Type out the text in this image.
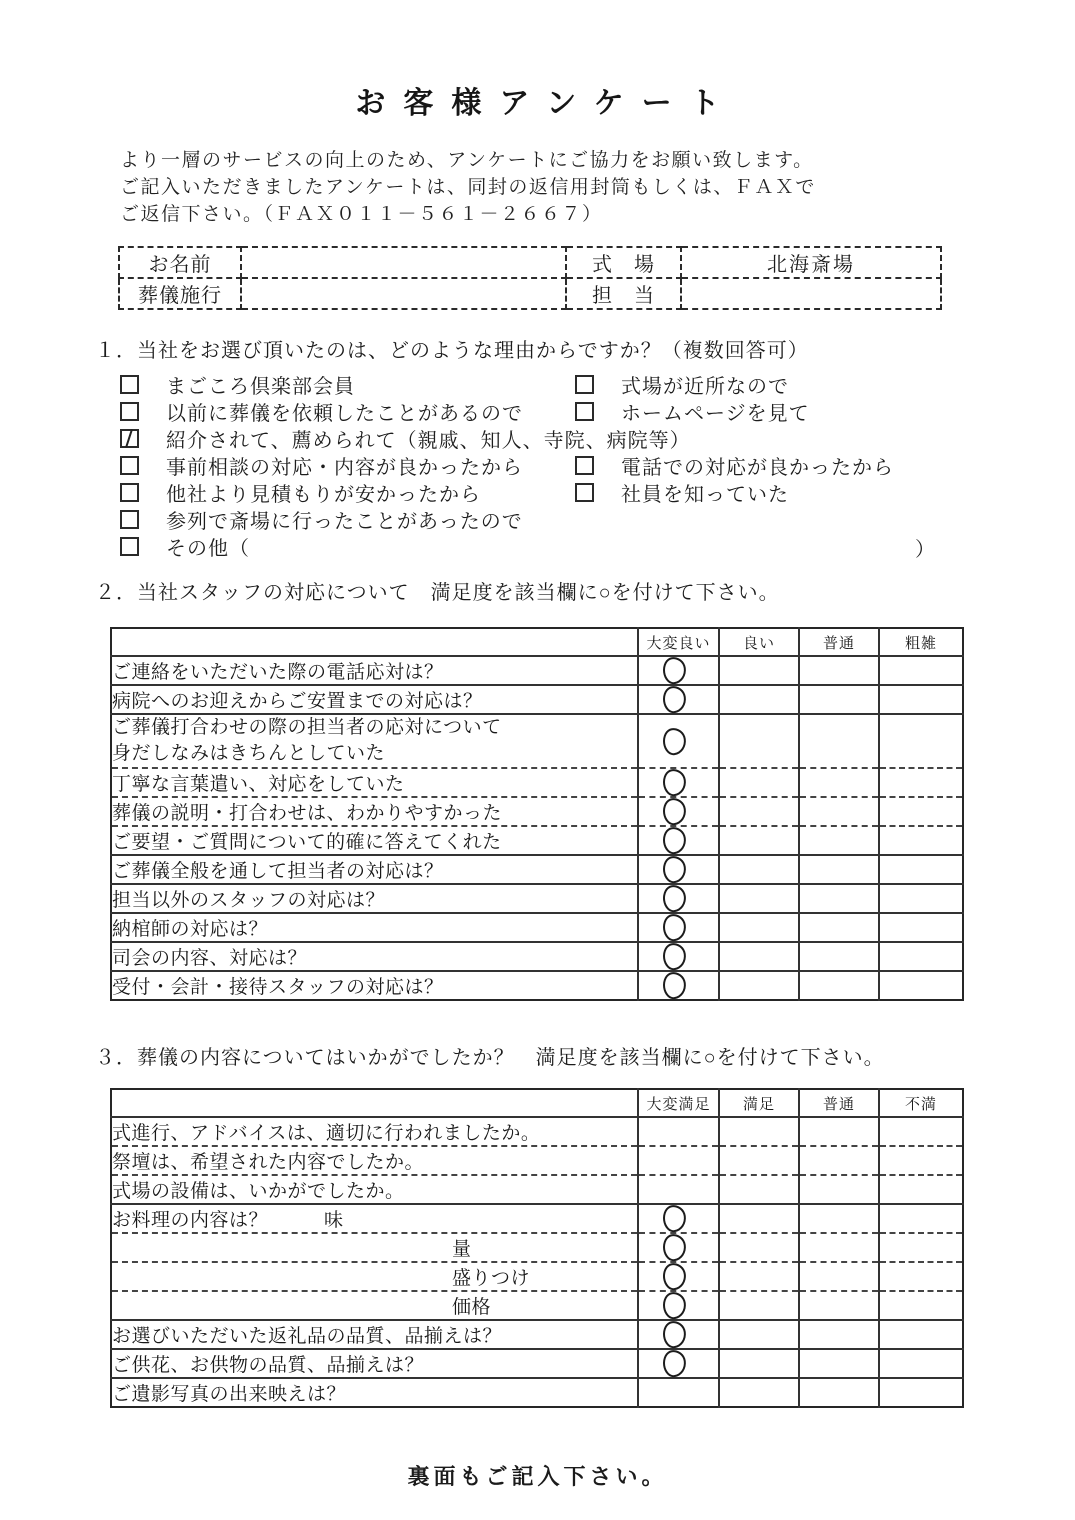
お客様アンケート

より一層のサービスの向上のため、アンケートにご協力をお願い致します。
ご記入いただきましたアンケートは、同封の返信用封筒もしくは、ＦＡＸで
ご返信下さい。（ＦＡＸ０１１－５６１－２６６７）

お名前		式　場	北海斎場
葬儀施行		担　当	
１．当社をお選び頂いたのは、どのような理由からですか？（複数回答可）
まごころ倶楽部会員	式場が近所なので
以前に葬儀を依頼したことがあるので	ホームページを見て
紹介されて、薦められて（親戚、知人、寺院、病院等）
事前相談の対応・内容が良かったから	電話での対応が良かったから
他社より見積もりが安かったから	社員を知っていた
参列で斎場に行ったことがあったので
その他（	）
２．当社スタッフの対応について　満足度を該当欄に○を付けて下さい。
	大変良い	良い	普通	粗雑
ご連絡をいただいた際の電話応対は？				
病院へのお迎えからご安置までの対応は？				
ご葬儀打合わせの際の担当者の応対について
身だしなみはきちんとしていた				
丁寧な言葉遣い、対応をしていた				
葬儀の説明・打合わせは、わかりやすかった				
ご要望・ご質問について的確に答えてくれた				
ご葬儀全般を通して担当者の対応は？				
担当以外のスタッフの対応は？				
納棺師の対応は？				
司会の内容、対応は？				
受付・会計・接待スタッフの対応は？				
３．葬儀の内容についてはいかがでしたか？　満足度を該当欄に○を付けて下さい。
	大変満足	満足	普通	不満
式進行、アドバイスは、適切に行われましたか。				
祭壇は、希望された内容でしたか。				
式場の設備は、いかがでしたか。				
お料理の内容は？ 味				
量				
盛りつけ				
価格				
お選びいただいた返礼品の品質、品揃えは？				
ご供花、お供物の品質、品揃えは？				
ご遺影写真の出来映えは？				

裏面もご記入下さい。
